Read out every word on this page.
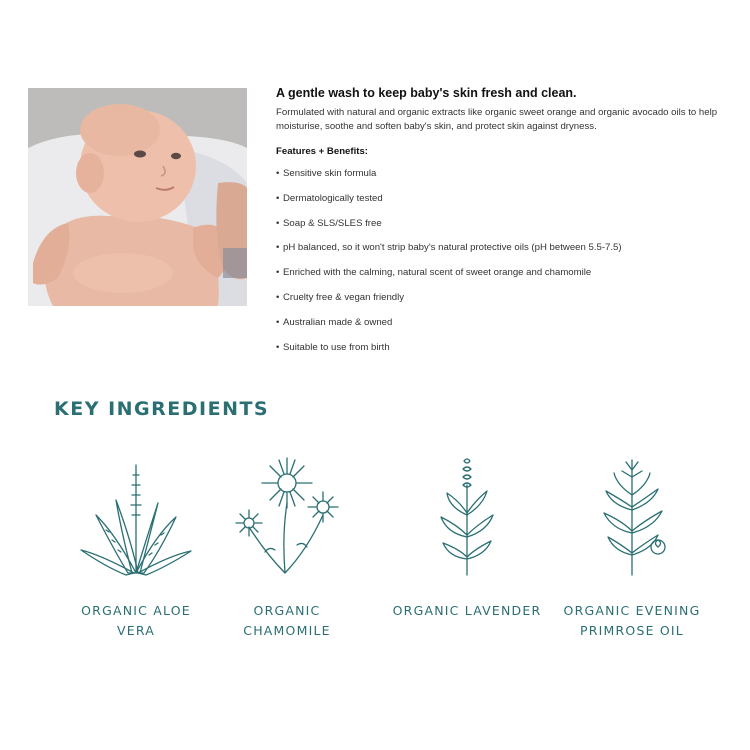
A gentle wash to keep baby's skin fresh and clean.

Formulated with natural and organic extracts like organic sweet orange and organic avocado oils to help moisturise, soothe and soften baby's skin, and protect skin against dryness.

Features + Benefits:

• Sensitive skin formula
• Dermatologically tested
• Soap & SLS/SLES free
• pH balanced, so it won't strip baby's natural protective oils (pH between 5.5-7.5)
• Enriched with the calming, natural scent of sweet orange and chamomile
• Cruelty free & vegan friendly
• Australian made & owned
• Suitable to use from birth
KEY INGREDIENTS
ORGANIC ALOE
VERA
ORGANIC
CHAMOMILE
ORGANIC LAVENDER	ORGANIC EVENING
PRIMROSE OIL
